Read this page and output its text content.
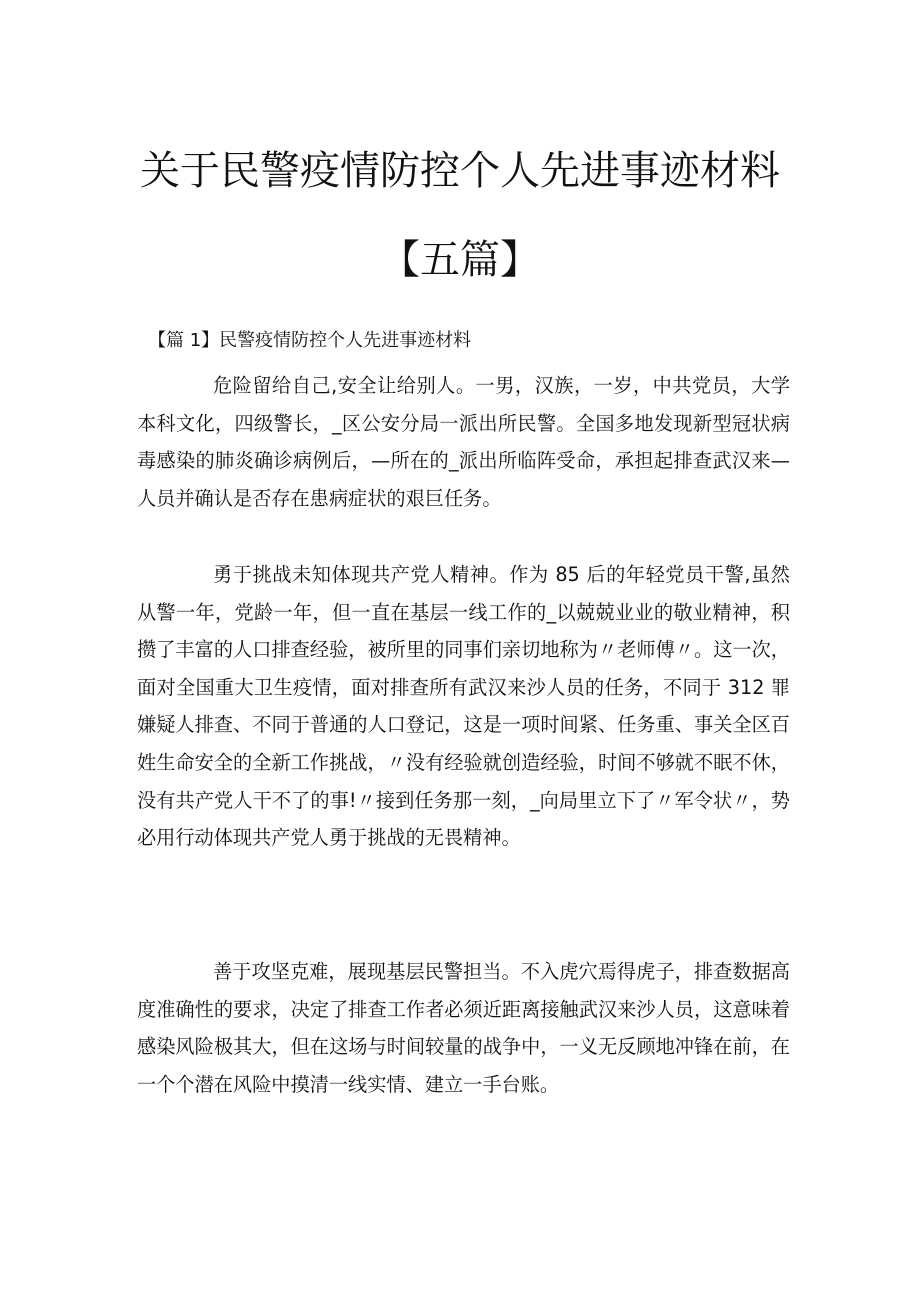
关于民警疫情防控个人先进事迹材料
【五篇】
【篇 1】民警疫情防控个人先进事迹材料

危险留给自己,安全让给别人。一男，汉族，一岁，中共党员，大学本科文化，四级警长，_区公安分局一派出所民警。全国多地发现新型冠状病毒感染的肺炎确诊病例后，—所在的_派出所临阵受命，承担起排查武汉来—人员并确认是否存在患病症状的艰巨任务。

勇于挑战未知体现共产党人精神。作为 85 后的年轻党员干警,虽然从警一年，党龄一年，但一直在基层一线工作的_以兢兢业业的敬业精神，积攒了丰富的人口排查经验，被所里的同事们亲切地称为〃老师傅〃。这一次，面对全国重大卫生疫情，面对排查所有武汉来沙人员的任务，不同于 312 罪嫌疑人排查、不同于普通的人口登记，这是一项时间紧、任务重、事关全区百姓生命安全的全新工作挑战，〃没有经验就创造经验，时间不够就不眠不休，没有共产党人干不了的事!〃接到任务那一刻，_向局里立下了〃军令状〃，势必用行动体现共产党人勇于挑战的无畏精神。

善于攻坚克难，展现基层民警担当。不入虎穴焉得虎子，排查数据高度准确性的要求，决定了排查工作者必须近距离接触武汉来沙人员，这意味着感染风险极其大，但在这场与时间较量的战争中，一义无反顾地冲锋在前，在一个个潜在风险中摸清一线实情、建立一手台账。
